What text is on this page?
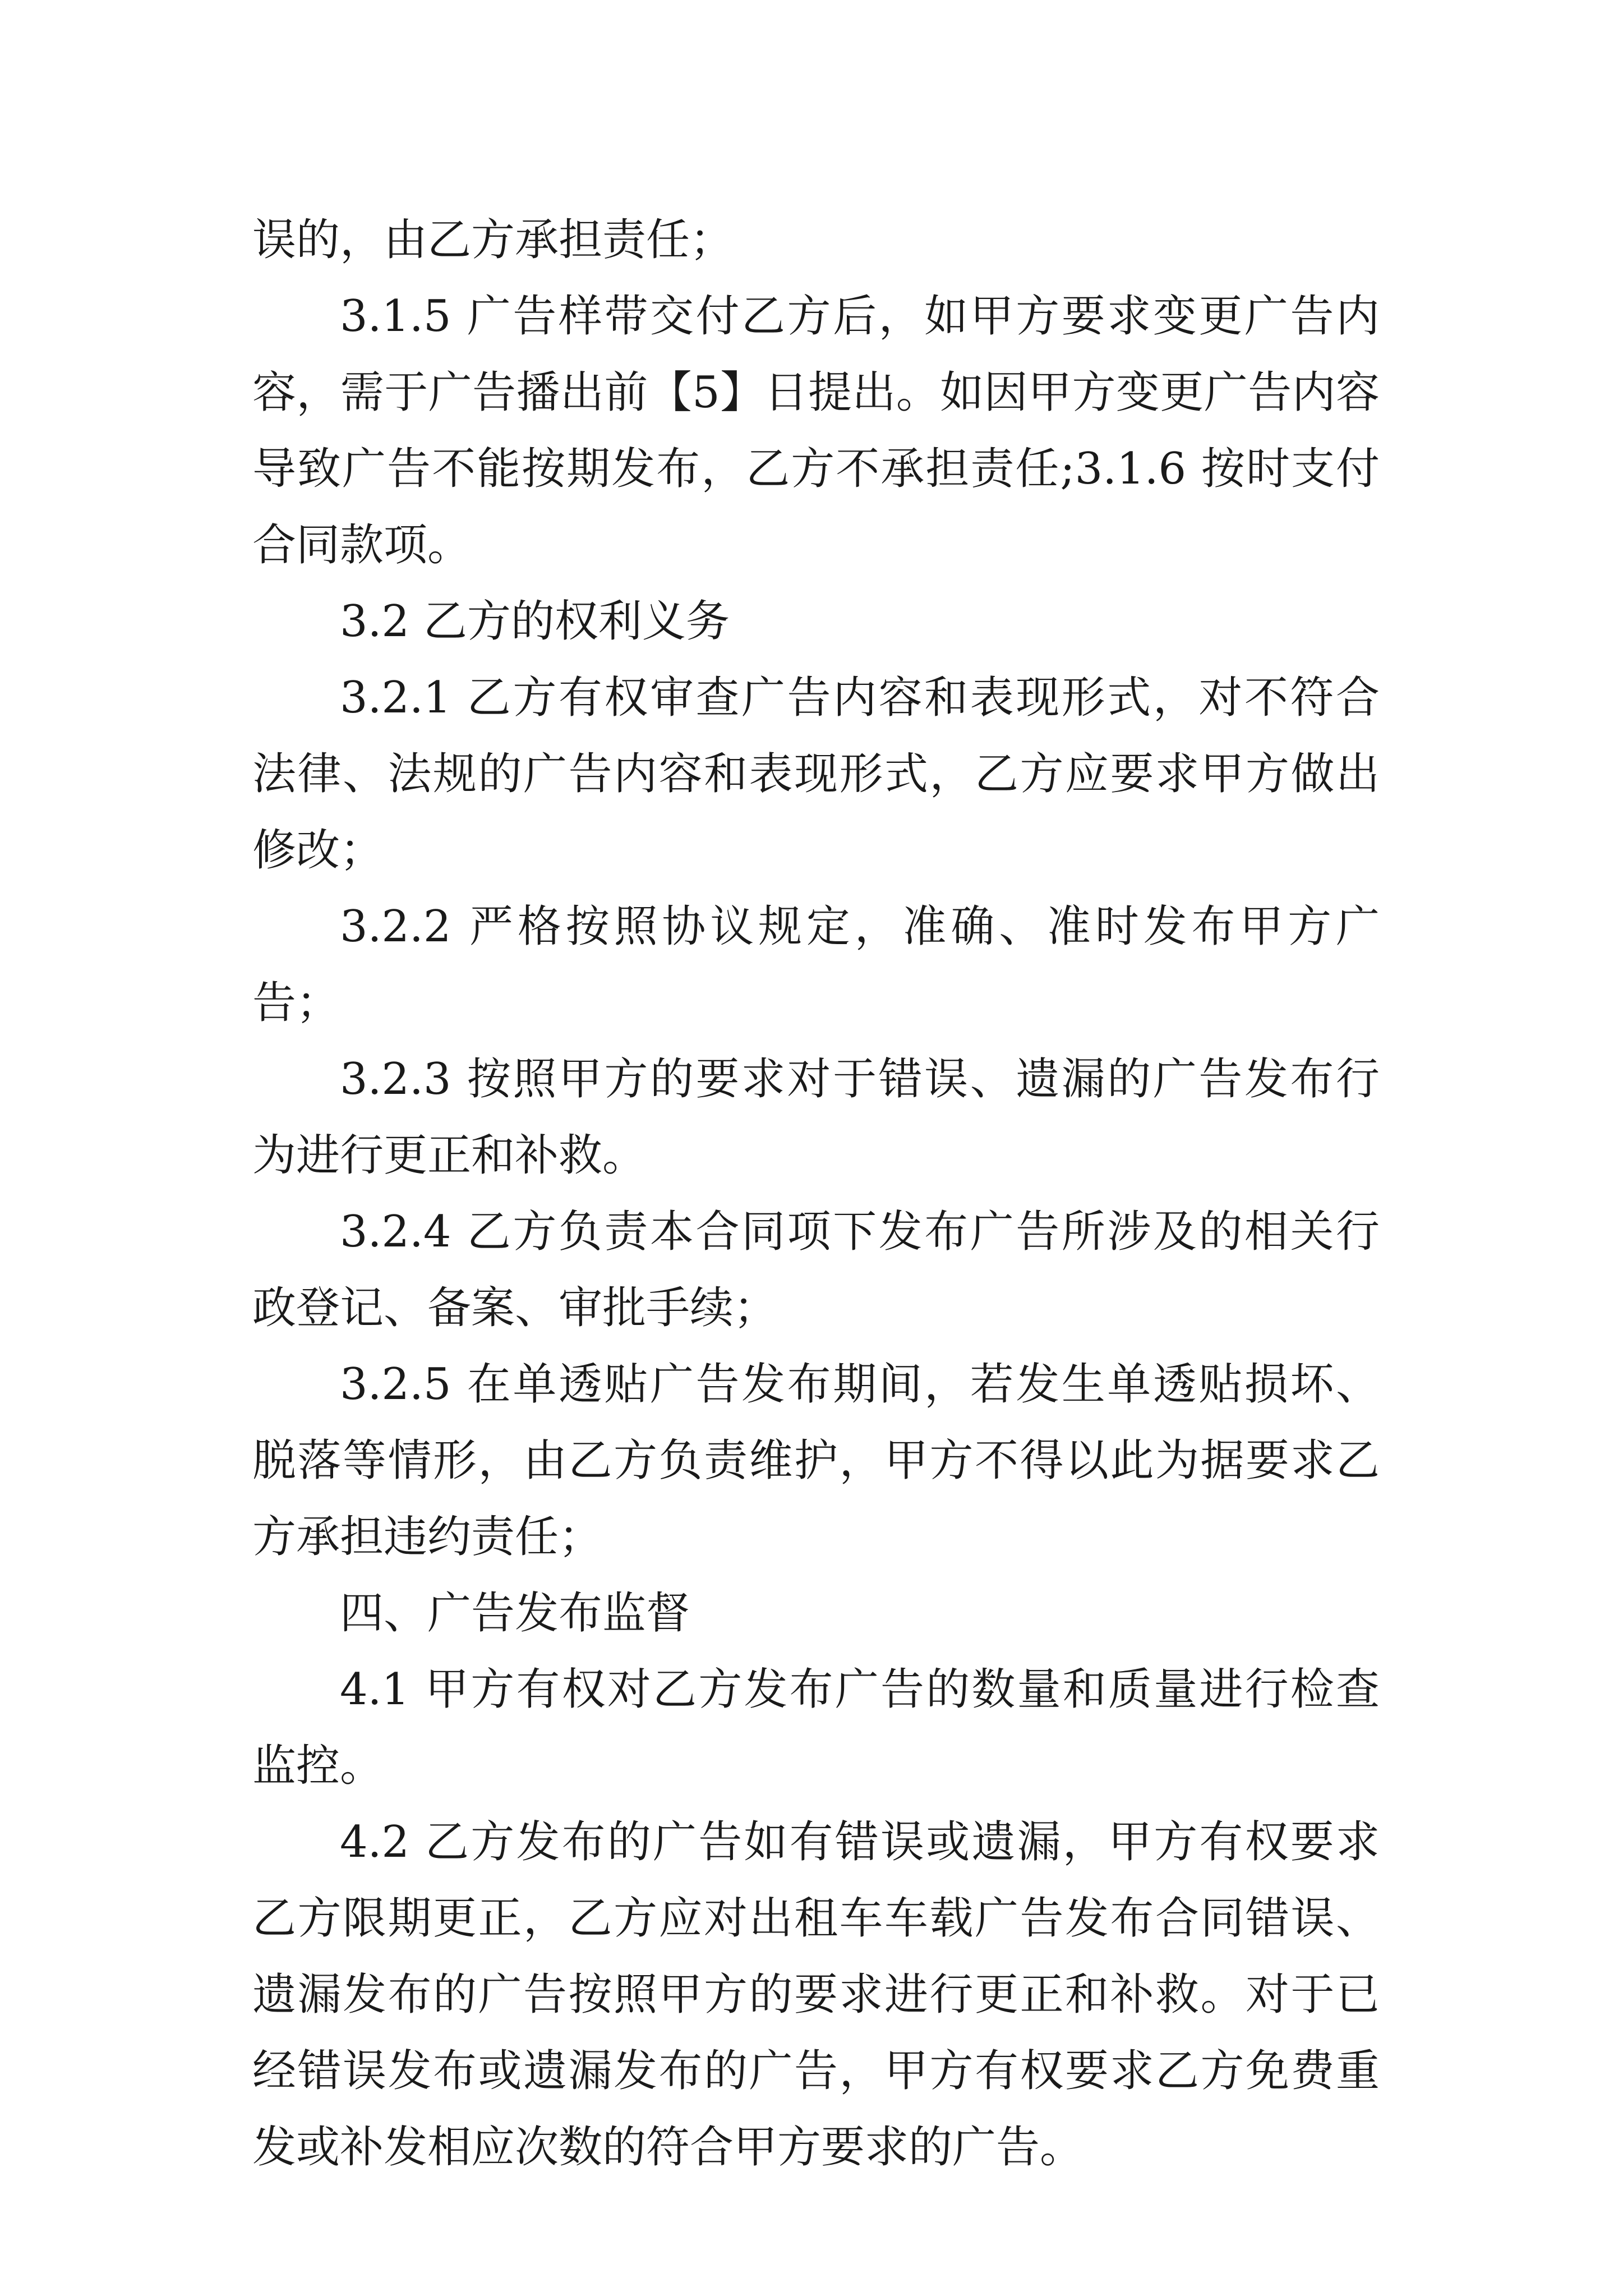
误的，由乙方承担责任；

3.1.5 广告样带交付乙方后，如甲方要求变更广告内容，需于广告播出前【5】日提出。如因甲方变更广告内容导致广告不能按期发布，乙方不承担责任;3.1.6 按时支付合同款项。

3.2 乙方的权利义务

3.2.1 乙方有权审查广告内容和表现形式，对不符合法律、法规的广告内容和表现形式，乙方应要求甲方做出修改；

3.2.2 严格按照协议规定，准确、准时发布甲方广告；

3.2.3 按照甲方的要求对于错误、遗漏的广告发布行为进行更正和补救。

3.2.4 乙方负责本合同项下发布广告所涉及的相关行政登记、备案、审批手续；

3.2.5 在单透贴广告发布期间，若发生单透贴损坏、脱落等情形，由乙方负责维护，甲方不得以此为据要求乙方承担违约责任；

四、广告发布监督

4.1 甲方有权对乙方发布广告的数量和质量进行检查监控。

4.2 乙方发布的广告如有错误或遗漏，甲方有权要求乙方限期更正，乙方应对出租车车载广告发布合同错误、遗漏发布的广告按照甲方的要求进行更正和补救。对于已经错误发布或遗漏发布的广告，甲方有权要求乙方免费重发或补发相应次数的符合甲方要求的广告。
